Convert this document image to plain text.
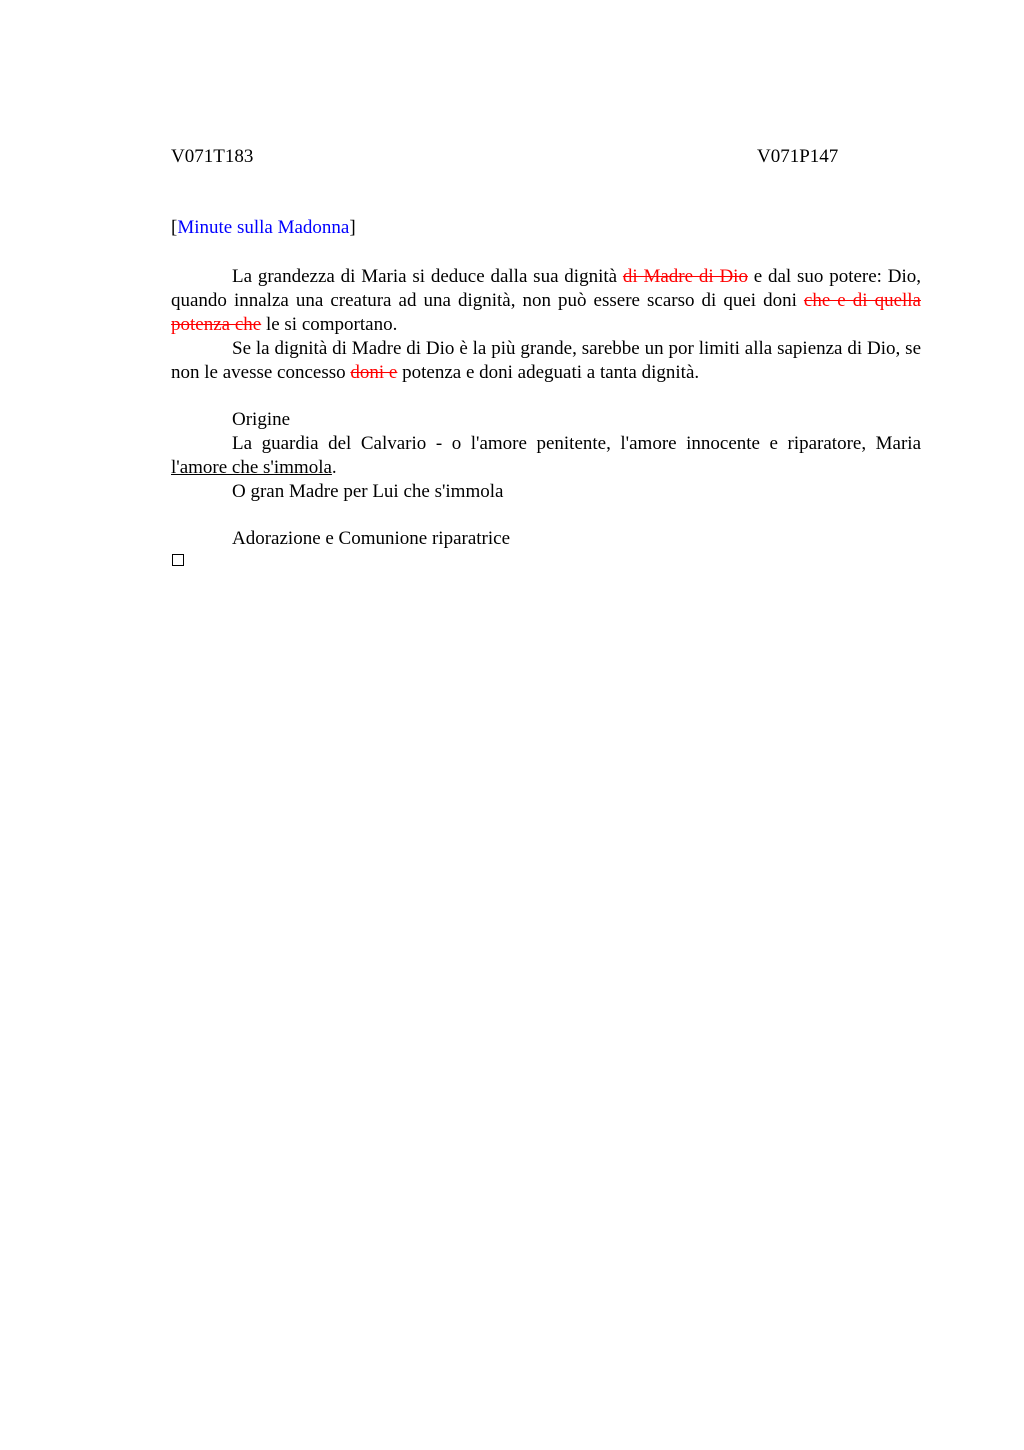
V071T183	V071P147
[Minute sulla Madonna]

La grandezza di Maria si deduce dalla sua dignità di Madre di Dio e dal suo potere: Dio, quando innalza una creatura ad una dignità, non può essere scarso di quei doni che e di quella potenza che le si comportano.

Se la dignità di Madre di Dio è la più grande, sarebbe un por limiti alla sapienza di Dio, se non le avesse concesso doni e potenza e doni adeguati a tanta dignità.

Origine

La guardia del Calvario - o l'amore penitente, l'amore innocente e riparatore, Maria l'amore che s'immola.

O gran Madre per Lui che s'immola

Adorazione e Comunione riparatrice
